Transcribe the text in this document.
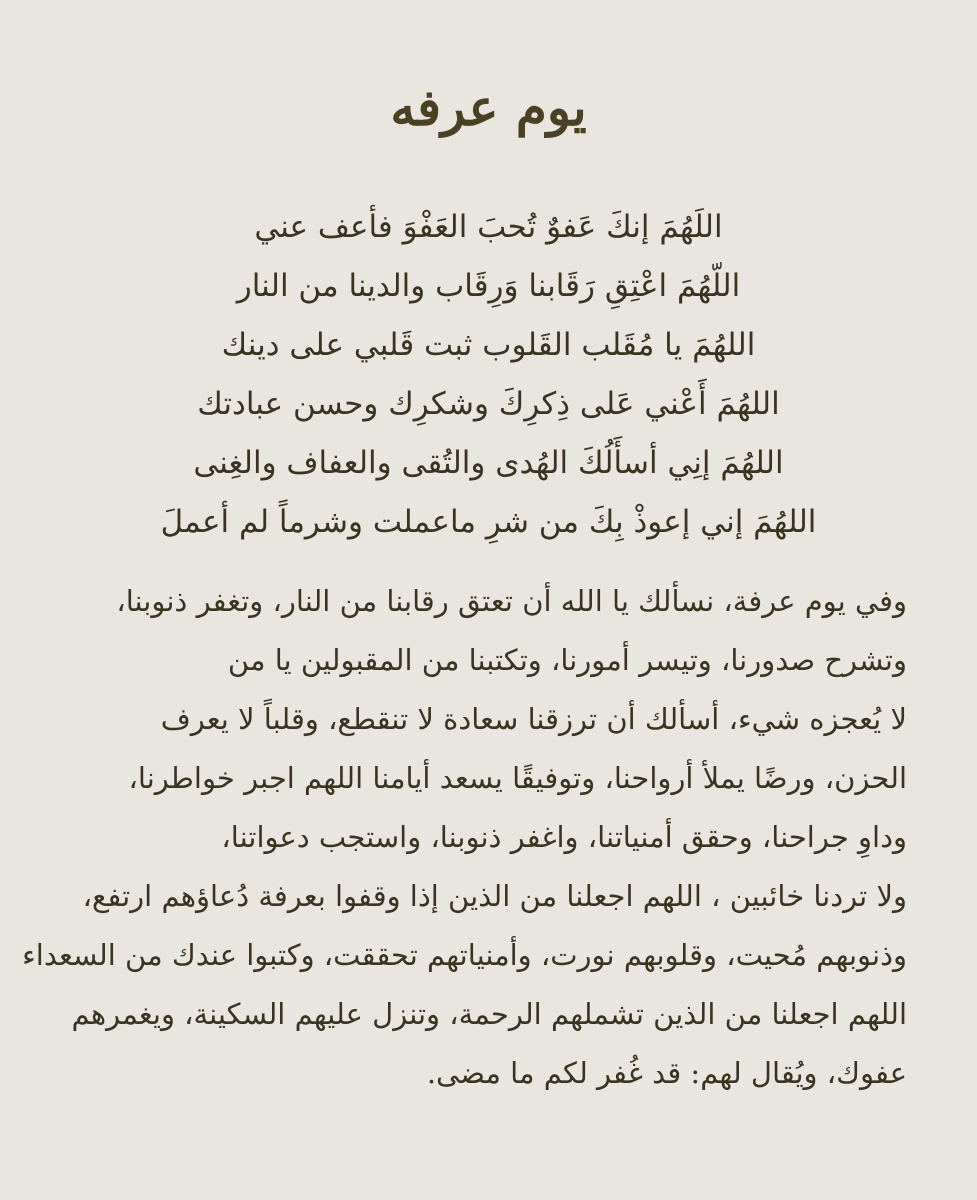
يوم عرفه
اللَهُمَ إنكَ عَفوٌ تُحبَ العَفْوَ فأعف عني
اللّهُمَ اعْتِقِ رَقَابنا وَرِقَاب والدينا من النار
اللهُمَ يا مُقَلب القَلوب ثبت قَلبي على دينك
اللهُمَ أَعْني عَلى ذِكرِكَ وشكرِك وحسن عبادتك
اللهُمَ إنِي أسأَلُكَ الهُدى والتُقى والعفاف والغِنى
اللهُمَ إني إعوذْ بِكَ من شرِ ماعملت وشرماً لم أعملَ
وفي يوم عرفة، نسألك يا الله أن تعتق رقابنا من النار، وتغفر ذنوبنا،
وتشرح صدورنا، وتيسر أمورنا، وتكتبنا من المقبولين يا من
لا يُعجزه شيء، أسألك أن ترزقنا سعادة لا تنقطع، وقلباً لا يعرف
الحزن، ورضًا يملأ أرواحنا، وتوفيقًا يسعد أيامنا اللهم اجبر خواطرنا،
وداوِ جراحنا، وحقق أمنياتنا، واغفر ذنوبنا، واستجب دعواتنا،
ولا تردنا خائبين ، اللهم اجعلنا من الذين إذا وقفوا بعرفة دُعاؤهم ارتفع،
وذنوبهم مُحيت، وقلوبهم نورت، وأمنياتهم تحققت، وكتبوا عندك من السعداء
اللهم اجعلنا من الذين تشملهم الرحمة، وتنزل عليهم السكينة، ويغمرهم
عفوك، ويُقال لهم: قد غُفر لكم ما مضى.
